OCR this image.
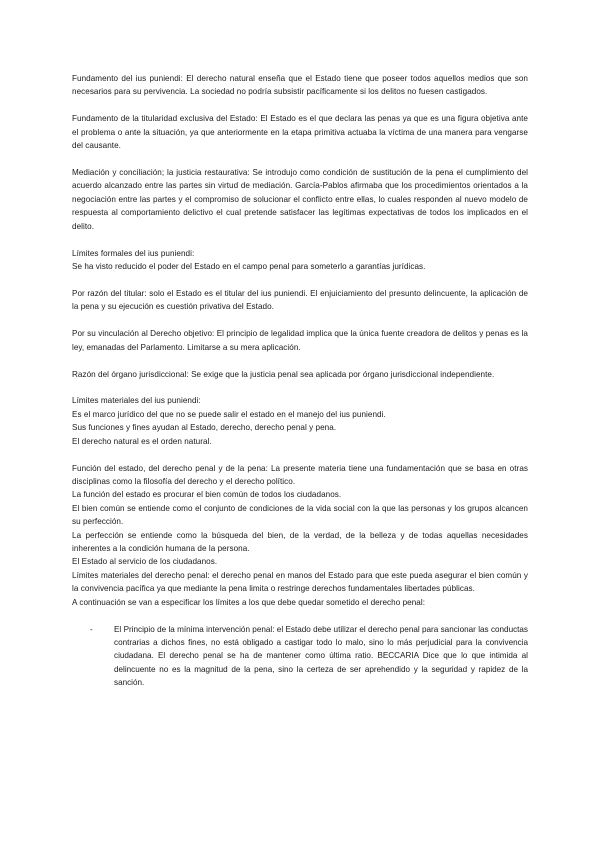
Fundamento del ius puniendi: El derecho natural enseña que el Estado tiene que poseer todos aquellos medios que son necesarios para su pervivencia. La sociedad no podría subsistir pacíficamente si los delitos no fuesen castigados.

Fundamento de la titularidad exclusiva del Estado: El Estado es el que declara las penas ya que es una figura objetiva ante el problema o ante la situación, ya que anteriormente en la etapa primitiva actuaba la víctima de una manera para vengarse del causante.

Mediación y conciliación; la justicia restaurativa: Se introdujo como condición de sustitución de la pena el cumplimiento del acuerdo alcanzado entre las partes sin virtud de mediación. García-Pablos afirmaba que los procedimientos orientados a la negociación entre las partes y el compromiso de solucionar el conflicto entre ellas, lo cuales responden al nuevo modelo de respuesta al comportamiento delictivo el cual pretende satisfacer las legítimas expectativas de todos los implicados en el delito.

Límites formales del ius puniendi:
Se ha visto reducido el poder del Estado en el campo penal para someterlo a garantías jurídicas.

Por razón del titular: solo el Estado es el titular del ius puniendi. El enjuiciamiento del presunto delincuente, la aplicación de la pena y su ejecución es cuestión privativa del Estado.

Por su vinculación al Derecho objetivo: El principio de legalidad implica que la única fuente creadora de delitos y penas es la ley, emanadas del Parlamento. Limitarse a su mera aplicación.

Razón del órgano jurisdiccional: Se exige que la justicia penal sea aplicada por órgano jurisdiccional independiente.

Límites materiales del ius puniendi:
Es el marco jurídico del que no se puede salir el estado en el manejo del ius puniendi.
Sus funciones y fines ayudan al Estado, derecho, derecho penal y pena.
El derecho natural es el orden natural.
Función del estado, del derecho penal y de la pena: La presente materia tiene una fundamentación que se basa en otras disciplinas como la filosofía del derecho y el derecho político.
La función del estado es procurar el bien común de todos los ciudadanos.
El bien común se entiende como el conjunto de condiciones de la vida social con la que las personas y los grupos alcancen su perfección.
La perfección se entiende como la búsqueda del bien, de la verdad, de la belleza y de todas aquellas necesidades inherentes a la condición humana de la persona.
El Estado al servicio de los ciudadanos.
Límites materiales del derecho penal: el derecho penal en manos del Estado para que este pueda asegurar el bien común y la convivencia pacífica ya que mediante la pena limita o restringe derechos fundamentales libertades públicas.
A continuación se van a especificar los límites a los que debe quedar sometido el derecho penal:
-	El Principio de la mínima intervención penal: el Estado debe utilizar el derecho penal para sancionar las conductas contrarias a dichos fines, no está obligado a castigar todo lo malo, sino lo más perjudicial para la convivencia ciudadana. El derecho penal se ha de mantener como última ratio. BECCARIA Dice que lo que intimida al delincuente no es la magnitud de la pena, sino la certeza de ser aprehendido y la seguridad y rapidez de la sanción.
